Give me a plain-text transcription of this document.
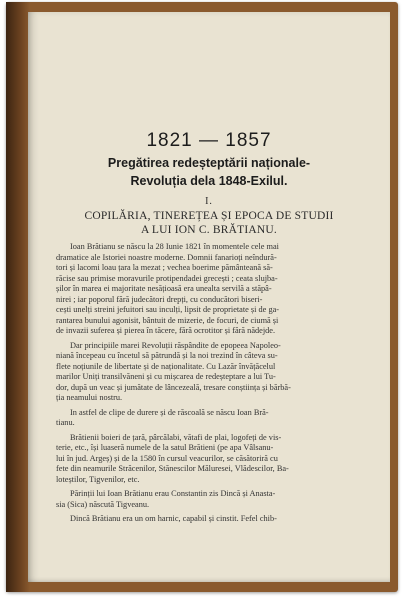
1821 — 1857
Pregătirea redeșteptării naționale-
Revoluția dela 1848-Exilul.
I.
COPILĂRIA, TINEREȚEA ȘI EPOCA DE STUDII
A LUI ION C. BRĂTIANU.
Ioan Brătianu se născu la 28 Iunie 1821 în momentele cele mai
dramatice ale Istoriei noastre moderne. Domnii fanarioți neîndură-
tori și lacomi loau țara la mezat ; vechea boerime pământeană să-
răcise sau primise moravurile protipendadei grecești ; ceata slujba-
șilor în marea ei majoritate nesățioasă era unealta servilă a stăpâ-
nirei ; iar poporul fără judecători drepți, cu conducători biseri-
cești unelți streini jefuitori sau inculți, lipsit de proprietate și de ga-
rantarea bunului agonisit, bântuit de mizerie, de focuri, de ciumă și
de invazii suferea și pierea în tăcere, fără ocrotitor și fără nădejde.
Dar principiile marei Revoluții răspândite de epopeea Napoleo-
niană începeau cu încetul să pătrundă și la noi trezind în câteva su-
flete noțiunile de libertate și de naționalitate. Cu Lazăr învățăcelul
marilor Uniți transilvăneni și cu mișcarea de redeșteptare a lui Tu-
dor, după un veac și jumătate de lâncezeală, tresare conștiința și bărbă-
ția neamului nostru.
In astfel de clipe de durere și de răscoală se născu Ioan Bră-
tianu.
Brătienii boieri de țară, pârcălabi, vătafi de plai, logofeți de vis-
terie, etc., își luaseră numele de la satul Brătieni (pe apa Vâlsanu-
lui în jud. Argeș) și de la 1580 în cursul veacurilor, se căsătoriră cu
fete din neamurile Străcenilor, Stănescilor Măluresei, Vlădescilor, Ba-
loteștilor, Tigvenilor, etc.
Părinții lui Ioan Brătianu erau Constantin zis Dincă și Anasta-
sia (Sica) născută Tigveanu.
Dincă Brătianu era un om harnic, capabil și cinstit. Fefel chib-
